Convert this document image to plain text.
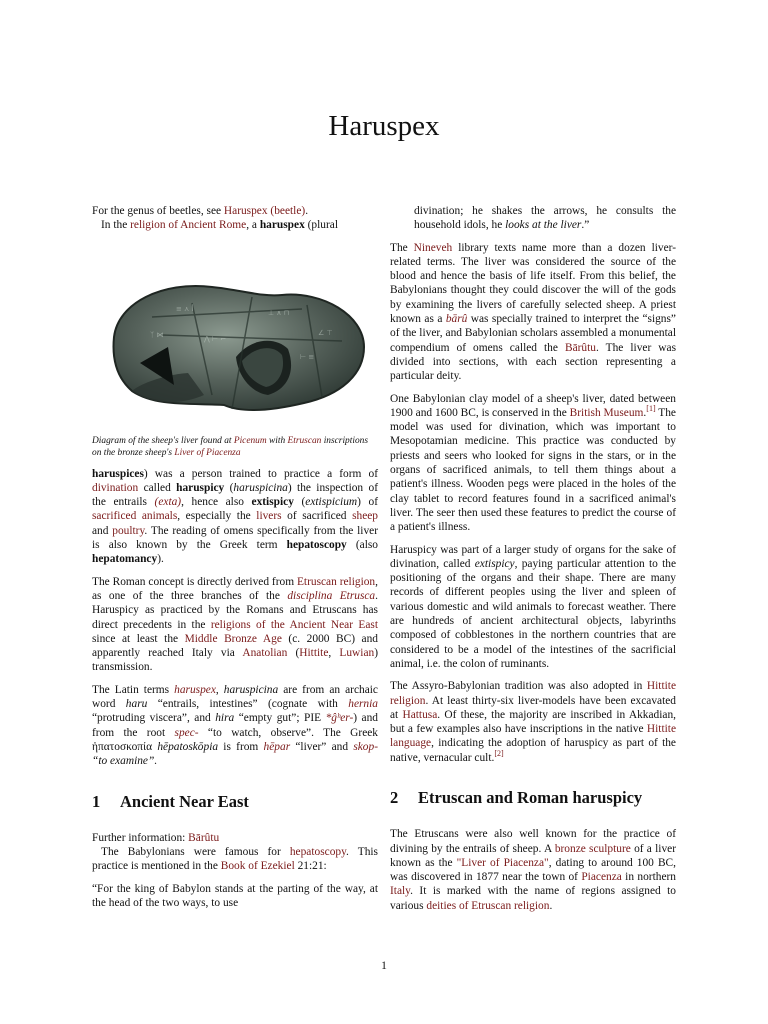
Haruspex

For the genus of beetles, see Haruspex (beetle).

In the religion of Ancient Rome, a haruspex (plural

≡ ⋏ ꟾ	⊥ ∧ ⊓
⋀ ⊢ ⌐
⊢ ≡
ᛉ ⋈	∠ ⊤

Diagram of the sheep's liver found at Picenum with Etruscan inscriptions on the bronze sheep's Liver of Piacenza

haruspices) was a person trained to practice a form of divination called haruspicy (haruspicina) the inspection of the entrails (exta), hence also extispicy (extispicium) of sacrificed animals, especially the livers of sacrificed sheep and poultry. The reading of omens specifically from the liver is also known by the Greek term hepatoscopy (also hepatomancy).

The Roman concept is directly derived from Etruscan religion, as one of the three branches of the disciplina Etrusca. Haruspicy as practiced by the Romans and Etruscans has direct precedents in the religions of the Ancient Near East since at least the Middle Bronze Age (c. 2000 BC) and apparently reached Italy via Anatolian (Hittite, Luwian) transmission.

The Latin terms haruspex, haruspicina are from an archaic word haru “entrails, intestines” (cognate with hernia “protruding viscera”, and hira “empty gut”; PIE *ĝʰer-) and from the root spec- “to watch, observe”. The Greek ἡπατοσκοπία hēpatoskōpia is from hēpar “liver” and skop- “to examine”.

1 Ancient Near East

Further information: Bārûtu

The Babylonians were famous for hepatoscopy. This practice is mentioned in the Book of Ezekiel 21:21:

“For the king of Babylon stands at the parting of the way, at the head of the two ways, to use

divination; he shakes the arrows, he consults the household idols, he looks at the liver.”

The Nineveh library texts name more than a dozen liver-related terms. The liver was considered the source of the blood and hence the basis of life itself. From this belief, the Babylonians thought they could discover the will of the gods by examining the livers of carefully selected sheep. A priest known as a bārû was specially trained to interpret the “signs” of the liver, and Babylonian scholars assembled a monumental compendium of omens called the Bārûtu. The liver was divided into sections, with each section representing a particular deity.

One Babylonian clay model of a sheep's liver, dated between 1900 and 1600 BC, is conserved in the British Museum.[1] The model was used for divination, which was important to Mesopotamian medicine. This practice was conducted by priests and seers who looked for signs in the stars, or in the organs of sacrificed animals, to tell them things about a patient's illness. Wooden pegs were placed in the holes of the clay tablet to record features found in a sacrificed animal's liver. The seer then used these features to predict the course of a patient's illness.

Haruspicy was part of a larger study of organs for the sake of divination, called extispicy, paying particular attention to the positioning of the organs and their shape. There are many records of different peoples using the liver and spleen of various domestic and wild animals to forecast weather. There are hundreds of ancient architectural objects, labyrinths composed of cobblestones in the northern countries that are considered to be a model of the intestines of the sacrificial animal, i.e. the colon of ruminants.

The Assyro-Babylonian tradition was also adopted in Hittite religion. At least thirty-six liver-models have been excavated at Hattusa. Of these, the majority are inscribed in Akkadian, but a few examples also have inscriptions in the native Hittite language, indicating the adoption of haruspicy as part of the native, vernacular cult.[2]

2 Etruscan and Roman haruspicy

The Etruscans were also well known for the practice of divining by the entrails of sheep. A bronze sculpture of a liver known as the "Liver of Piacenza", dating to around 100 BC, was discovered in 1877 near the town of Piacenza in northern Italy. It is marked with the name of regions assigned to various deities of Etruscan religion.

1
